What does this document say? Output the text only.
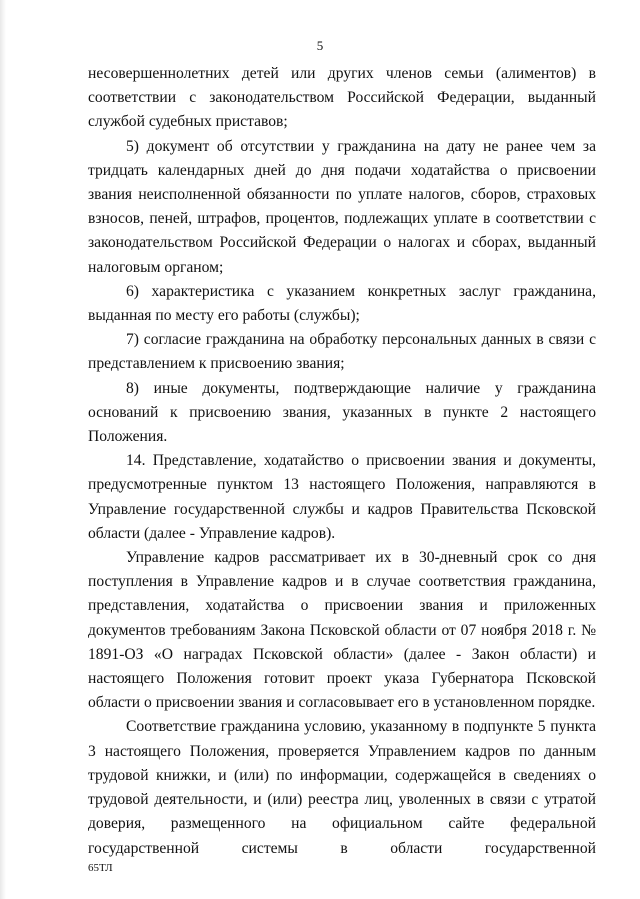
5

несовершеннолетних детей или других членов семьи (алиментов) в соответствии с законодательством Российской Федерации, выданный службой судебных приставов;

5) документ об отсутствии у гражданина на дату не ранее чем за тридцать календарных дней до дня подачи ходатайства о присвоении звания неисполненной обязанности по уплате налогов, сборов, страховых взносов, пеней, штрафов, процентов, подлежащих уплате в соответствии с законодательством Российской Федерации о налогах и сборах, выданный налоговым органом;

6) характеристика с указанием конкретных заслуг гражданина, выданная по месту его работы (службы);

7) согласие гражданина на обработку персональных данных в связи с представлением к присвоению звания;

8) иные документы, подтверждающие наличие у гражданина оснований к присвоению звания, указанных в пункте 2 настоящего Положения.

14. Представление, ходатайство о присвоении звания и документы, предусмотренные пунктом 13 настоящего Положения, направляются в Управление государственной службы и кадров Правительства Псковской области (далее - Управление кадров).

Управление кадров рассматривает их в 30-дневный срок со дня поступления в Управление кадров и в случае соответствия гражданина, представления, ходатайства о присвоении звания и приложенных документов требованиям Закона Псковской области от 07 ноября 2018 г. № 1891-ОЗ «О наградах Псковской области» (далее - Закон области) и настоящего Положения готовит проект указа Губернатора Псковской области о присвоении звания и согласовывает его в установленном порядке.

Соответствие гражданина условию, указанному в подпункте 5 пункта 3 настоящего Положения, проверяется Управлением кадров по данным трудовой книжки, и (или) по информации, содержащейся в сведениях о трудовой деятельности, и (или) реестра лиц, уволенных в связи с утратой доверия, размещенного на официальном сайте федеральной государственной системы в области государственной

65ТЛ
